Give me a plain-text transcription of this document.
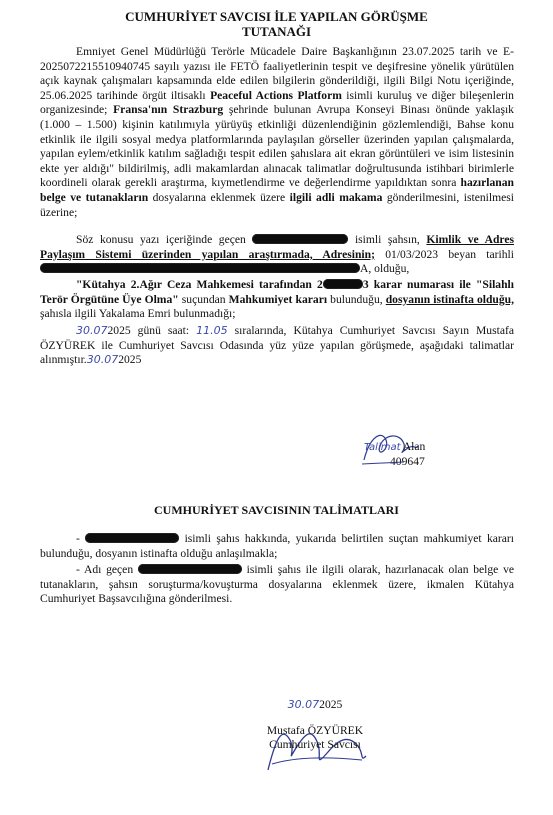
CUMHURİYET SAVCISI İLE YAPILAN GÖRÜŞME
TUTANAĞI

Emniyet Genel Müdürlüğü Terörle Mücadele Daire Başkanlığının 23.07.2025 tarih ve E-2025072215510940745 sayılı yazısı ile FETÖ faaliyetlerinin tespit ve deşifresine yönelik yürütülen açık kaynak çalışmaları kapsamında elde edilen bilgilerin gönderildiği, ilgili Bilgi Notu içeriğinde, 25.06.2025 tarihinde örgüt iltisaklı Peaceful Actions Platform isimli kuruluş ve diğer bileşenlerin organizesinde; Fransa'nın Strazburg şehrinde bulunan Avrupa Konseyi Binası önünde yaklaşık (1.000 – 1.500) kişinin katılımıyla yürüyüş etkinliği düzenlendiğinin gözlemlendiği, Bahse konu etkinlik ile ilgili sosyal medya platformlarında paylaşılan görseller üzerinden yapılan çalışmalarda, yapılan eylem/etkinlik katılım sağladığı tespit edilen şahıslara ait ekran görüntüleri ve isim listesinin ekte yer aldığı" bildirilmiş, adli makamlardan alınacak talimatlar doğrultusunda istihbari birimlerle koordineli olarak gerekli araştırma, kıymetlendirme ve değerlendirme yapıldıktan sonra hazırlanan belge ve tutanakların dosyalarına eklenmek üzere ilgili adli makama gönderilmesini, istenilmesi üzerine;

Söz konusu yazı içeriğinde geçen	isimli şahsın, Kimlik ve Adres Paylaşım Sistemi üzerinden yapılan araştırmada, Adresinin; 01/03/2023 beyan tarihli A, olduğu,

"Kütahya 2.Ağır Ceza Mahkemesi tarafından 2	3 karar numarası ile "Silahlı Terör Örgütüne Üye Olma" suçundan Mahkumiyet kararı bulunduğu, dosyanın istinafta olduğu, şahısla ilgili Yakalama Emri bulunmadığı;

30.072025 günü saat: 11.05 sıralarında, Kütahya Cumhuriyet Savcısı Sayın Mustafa ÖZYÜREK ile Cumhuriyet Savcısı Odasında yüz yüze yapılan görüşmede, aşağıdaki talimatlar alınmıştır.30.072025

Talimat Alan
409647
CUMHURİYET SAVCISININ TALİMATLARI

-	isimli şahıs hakkında, yukarıda belirtilen suçtan mahkumiyet kararı bulunduğu, dosyanın istinafta olduğu anlaşılmakla;

- Adı geçen	isimli şahıs ile ilgili olarak, hazırlanacak olan belge ve tutanakların, şahsın soruşturma/kovuşturma dosyalarına eklenmek üzere, ikmalen Kütahya Cumhuriyet Başsavcılığına gönderilmesi.

30.072025
Mustafa ÖZYÜREK
Cumhuriyet Savcısı
